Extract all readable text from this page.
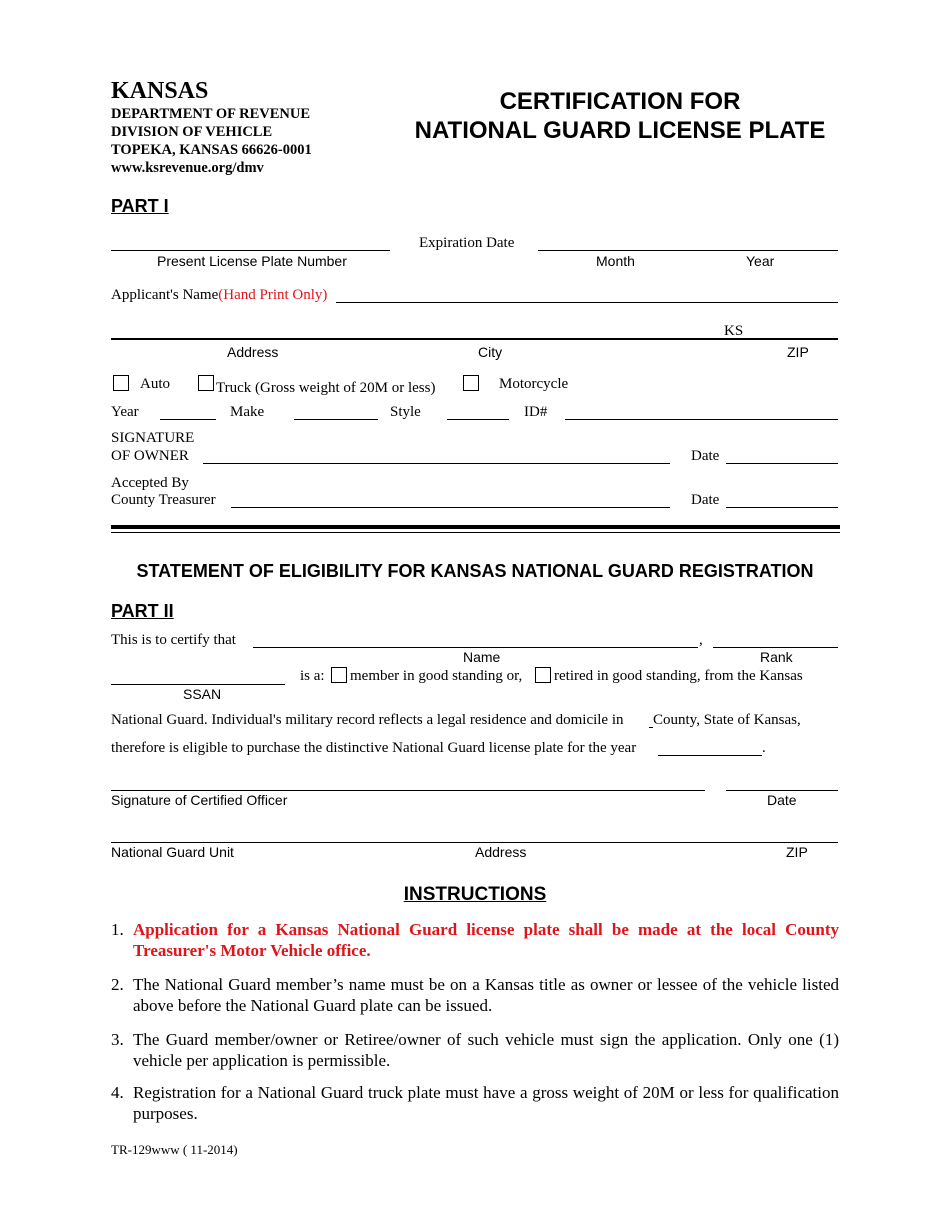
KANSAS
DEPARTMENT OF REVENUE
DIVISION OF VEHICLE
TOPEKA, KANSAS 66626-0001
www.ksrevenue.org/dmv
CERTIFICATION FOR
NATIONAL GUARD LICENSE PLATE
PART I
Expiration Date
Present License Plate Number	Month	Year
Applicant's Name(Hand Print Only)
KS
Address	City	ZIP
Auto	Truck (Gross weight of 20M or less)	Motorcycle
Year	Make	Style	ID#
SIGNATURE
OF OWNER	Date
Accepted By
County Treasurer	Date
STATEMENT OF ELIGIBILITY FOR KANSAS NATIONAL GUARD REGISTRATION
PART II
This is to certify that	,
Name	Rank
is a: member in good standing or, retired in good standing, from the Kansas
SSAN
National Guard. Individual's military record reflects a legal residence and domicile in County, State of Kansas,
therefore is eligible to purchase the distinctive National Guard license plate for the year	.
Signature of Certified Officer	Date
National Guard Unit	Address	ZIP
INSTRUCTIONS
1. Application for a Kansas National Guard license plate shall be made at the local County Treasurer's Motor Vehicle office.
2. The National Guard member’s name must be on a Kansas title as owner or lessee of the vehicle listed above before the National Guard plate can be issued.
3. The Guard member/owner or Retiree/owner of such vehicle must sign the application. Only one (1) vehicle per application is permissible.
4. Registration for a National Guard truck plate must have a gross weight of 20M or less for qualification purposes.
TR-129www ( 11-2014)
